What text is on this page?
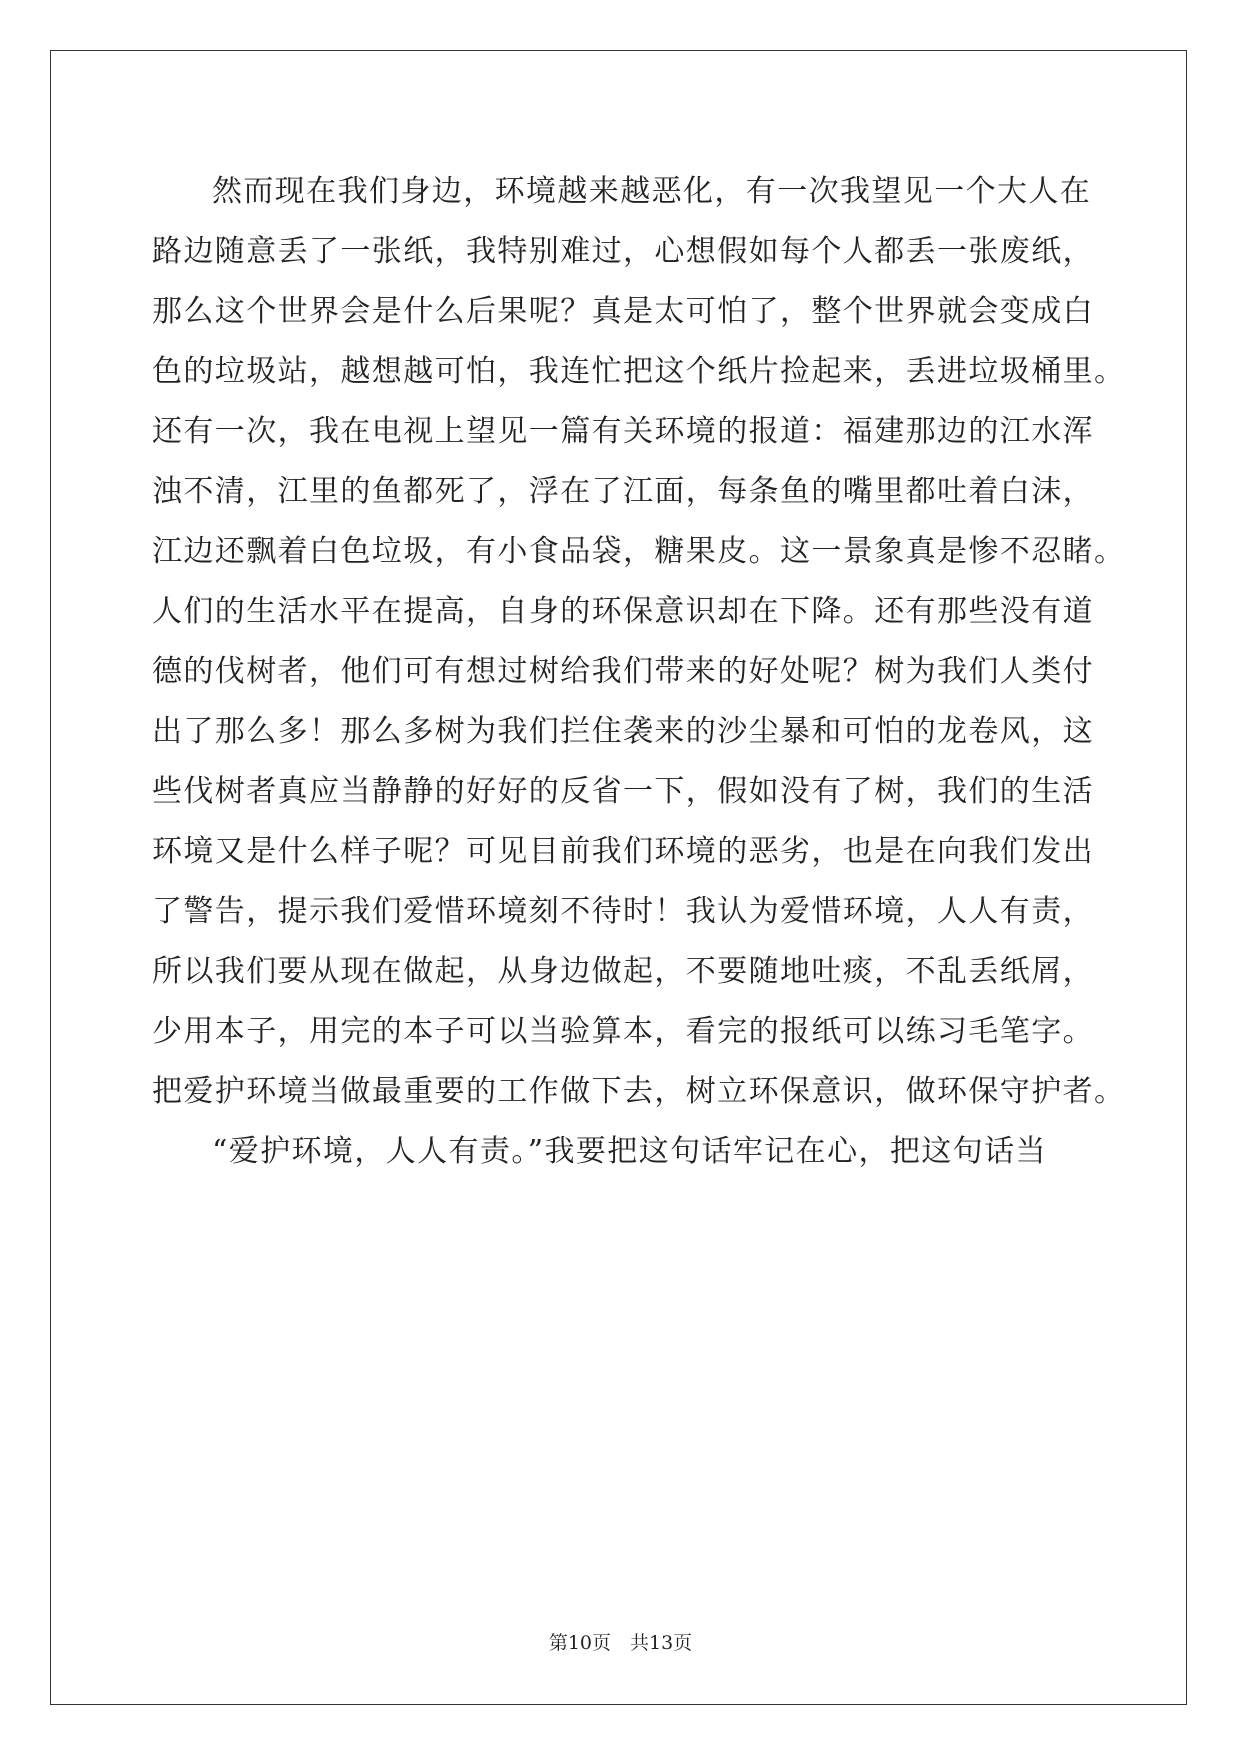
然而现在我们身边，环境越来越恶化，有一次我望见一个大人在
路边随意丢了一张纸，我特别难过，心想假如每个人都丢一张废纸，
那么这个世界会是什么后果呢？真是太可怕了，整个世界就会变成白
色的垃圾站，越想越可怕，我连忙把这个纸片捡起来，丢进垃圾桶里。
还有一次，我在电视上望见一篇有关环境的报道：福建那边的江水浑
浊不清，江里的鱼都死了，浮在了江面，每条鱼的嘴里都吐着白沫，
江边还飘着白色垃圾，有小食品袋，糖果皮。这一景象真是惨不忍睹。
人们的生活水平在提高，自身的环保意识却在下降。还有那些没有道
德的伐树者，他们可有想过树给我们带来的好处呢？树为我们人类付
出了那么多！那么多树为我们拦住袭来的沙尘暴和可怕的龙卷风，这
些伐树者真应当静静的好好的反省一下，假如没有了树，我们的生活
环境又是什么样子呢？可见目前我们环境的恶劣，也是在向我们发出
了警告，提示我们爱惜环境刻不待时！我认为爱惜环境，人人有责，
所以我们要从现在做起，从身边做起，不要随地吐痰，不乱丢纸屑，
少用本子，用完的本子可以当验算本，看完的报纸可以练习毛笔字。
把爱护环境当做最重要的工作做下去，树立环保意识，做环保守护者。
“爱护环境，人人有责。”我要把这句话牢记在心，把这句话当
第10页　共13页
